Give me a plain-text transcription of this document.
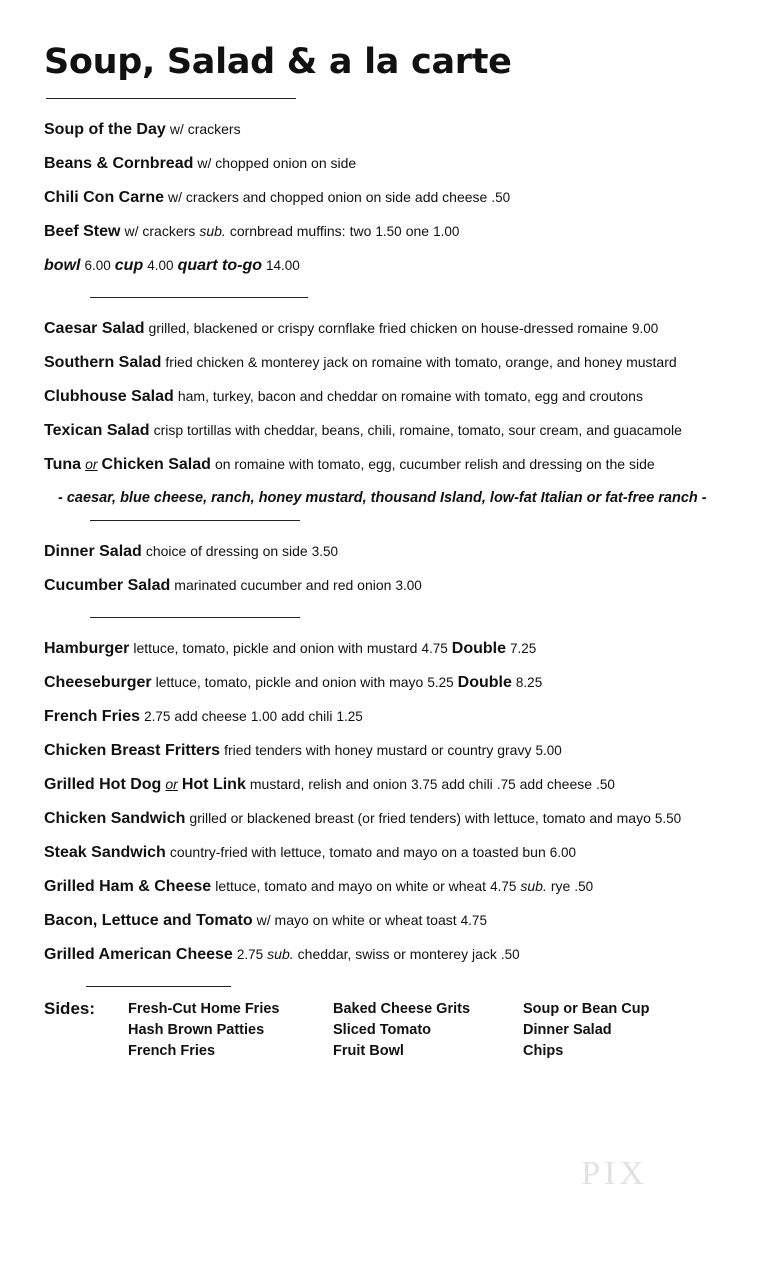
Soup, Salad & a la carte
Soup of the Day w/ crackers
Beans & Cornbread w/ chopped onion on side
Chili Con Carne w/ crackers and chopped onion on side add cheese .50
Beef Stew w/ crackers sub. cornbread muffins: two 1.50 one 1.00
bowl 6.00 cup 4.00 quart to-go 14.00
Caesar Salad grilled, blackened or crispy cornflake fried chicken on house-dressed romaine 9.00
Southern Salad fried chicken & monterey jack on romaine with tomato, orange, and honey mustard
Clubhouse Salad ham, turkey, bacon and cheddar on romaine with tomato, egg and croutons
Texican Salad crisp tortillas with cheddar, beans, chili, romaine, tomato, sour cream, and guacamole
Tuna or Chicken Salad on romaine with tomato, egg, cucumber relish and dressing on the side
- caesar, blue cheese, ranch, honey mustard, thousand Island, low-fat Italian or fat-free ranch -
Dinner Salad choice of dressing on side 3.50
Cucumber Salad marinated cucumber and red onion 3.00
Hamburger lettuce, tomato, pickle and onion with mustard 4.75 Double 7.25
Cheeseburger lettuce, tomato, pickle and onion with mayo 5.25 Double 8.25
French Fries 2.75 add cheese 1.00 add chili 1.25
Chicken Breast Fritters fried tenders with honey mustard or country gravy 5.00
Grilled Hot Dog or Hot Link mustard, relish and onion 3.75 add chili .75 add cheese .50
Chicken Sandwich grilled or blackened breast (or fried tenders) with lettuce, tomato and mayo 5.50
Steak Sandwich country-fried with lettuce, tomato and mayo on a toasted bun 6.00
Grilled Ham & Cheese lettuce, tomato and mayo on white or wheat 4.75 sub. rye .50
Bacon, Lettuce and Tomato w/ mayo on white or wheat toast 4.75
Grilled American Cheese 2.75 sub. cheddar, swiss or monterey jack .50
Sides:	Fresh-Cut Home Fries
Hash Brown Patties
French Fries
Baked Cheese Grits
Sliced Tomato
Fruit Bowl
Soup or Bean Cup
Dinner Salad
Chips
PIX
